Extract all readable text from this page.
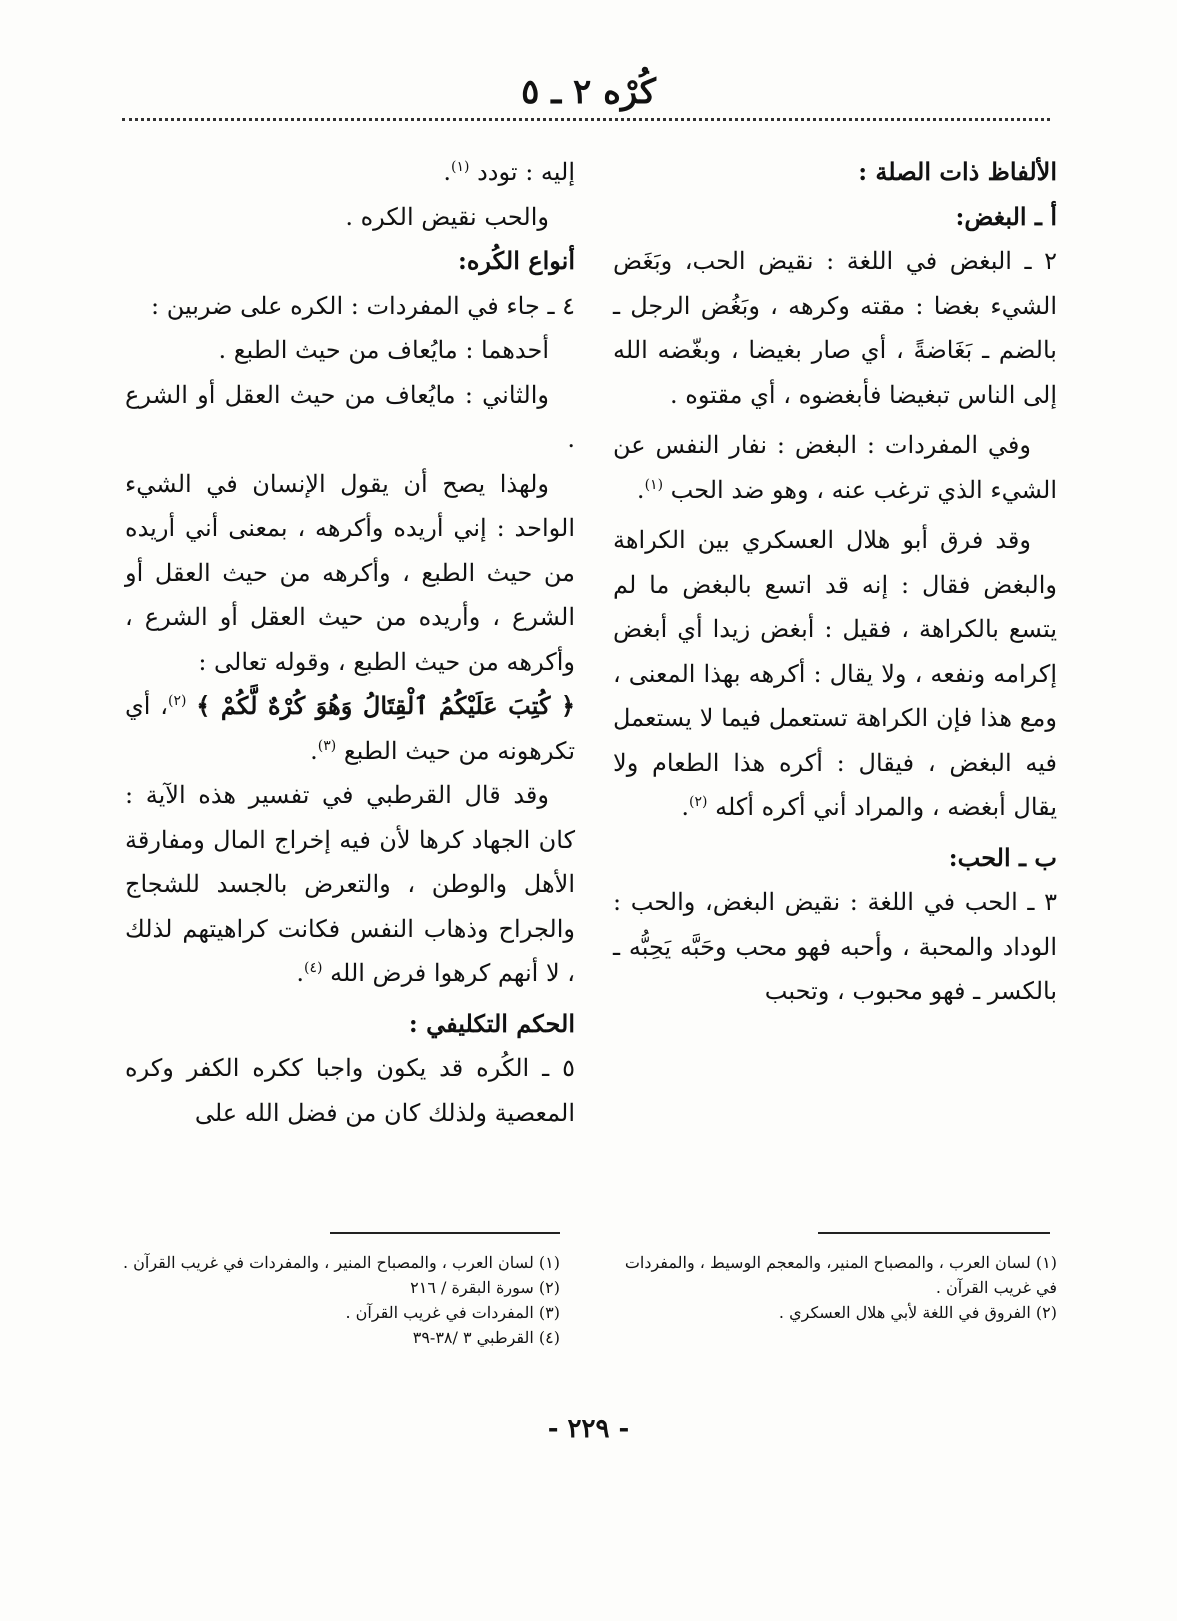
كُرْه ٢ ـ ٥

الألفاظ ذات الصلة :

أ ـ البغض:

٢ ـ البغض في اللغة : نقيض الحب، وبَغَض الشيء بغضا : مقته وكرهه ، وبَغُض الرجل ـ بالضم ـ بَغَاضةً ، أي صار بغيضا ، وبغّضه الله إلى الناس تبغيضا فأبغضوه ، أي مقتوه .

وفي المفردات : البغض : نفار النفس عن الشيء الذي ترغب عنه ، وهو ضد الحب $^{(١)}$.

وقد فرق أبو هلال العسكري بين الكراهة والبغض فقال : إنه قد اتسع بالبغض ما لم يتسع بالكراهة ، فقيل : أبغض زيدا أي أبغض إكرامه ونفعه ، ولا يقال : أكرهه بهذا المعنى ، ومع هذا فإن الكراهة تستعمل فيما لا يستعمل فيه البغض ، فيقال : أكره هذا الطعام ولا يقال أبغضه ، والمراد أني أكره أكله $^{(٢)}$.

ب ـ الحب:

٣ ـ الحب في اللغة : نقيض البغض، والحب : الوداد والمحبة ، وأحبه فهو محب وحَبَّه يَحِبُّه ـ بالكسر ـ فهو محبوب ، وتحبب

إليه : تودد $^{(١)}$.

والحب نقيض الكره .

أنواع الكُره:

٤ ـ جاء في المفردات : الكره على ضربين :

أحدهما : مايُعاف من حيث الطبع .

والثاني : مايُعاف من حيث العقل أو الشرع .

ولهذا يصح أن يقول الإنسان في الشيء الواحد : إني أريده وأكرهه ، بمعنى أني أريده من حيث الطبع ، وأكرهه من حيث العقل أو الشرع ، وأريده من حيث العقل أو الشرع ، وأكرهه من حيث الطبع ، وقوله تعالى :

﴿ كُتِبَ عَلَيْكُمُ ٱلْقِتَالُ وَهُوَ كُرْهٌ لَّكُمْ ﴾ $^{(٢)}$، أي تكرهونه من حيث الطبع $^{(٣)}$.

وقد قال القرطبي في تفسير هذه الآية : كان الجهاد كرها لأن فيه إخراج المال ومفارقة الأهل والوطن ، والتعرض بالجسد للشجاج والجراح وذهاب النفس فكانت كراهيتهم لذلك ، لا أنهم كرهوا فرض الله $^{(٤)}$.

الحكم التكليفي :

٥ ـ الكُره قد يكون واجبا ككره الكفر وكره المعصية ولذلك كان من فضل الله على

(١) لسان العرب ، والمصباح المنير، والمعجم الوسيط ، والمفردات في غريب القرآن .

(٢) الفروق في اللغة لأبي هلال العسكري .

(١) لسان العرب ، والمصباح المنير ، والمفردات في غريب القرآن .

(٢) سورة البقرة / ٢١٦

(٣) المفردات في غريب القرآن .

(٤) القرطبي ٣ /٣٨-٣٩

- ٢٢٩ -
